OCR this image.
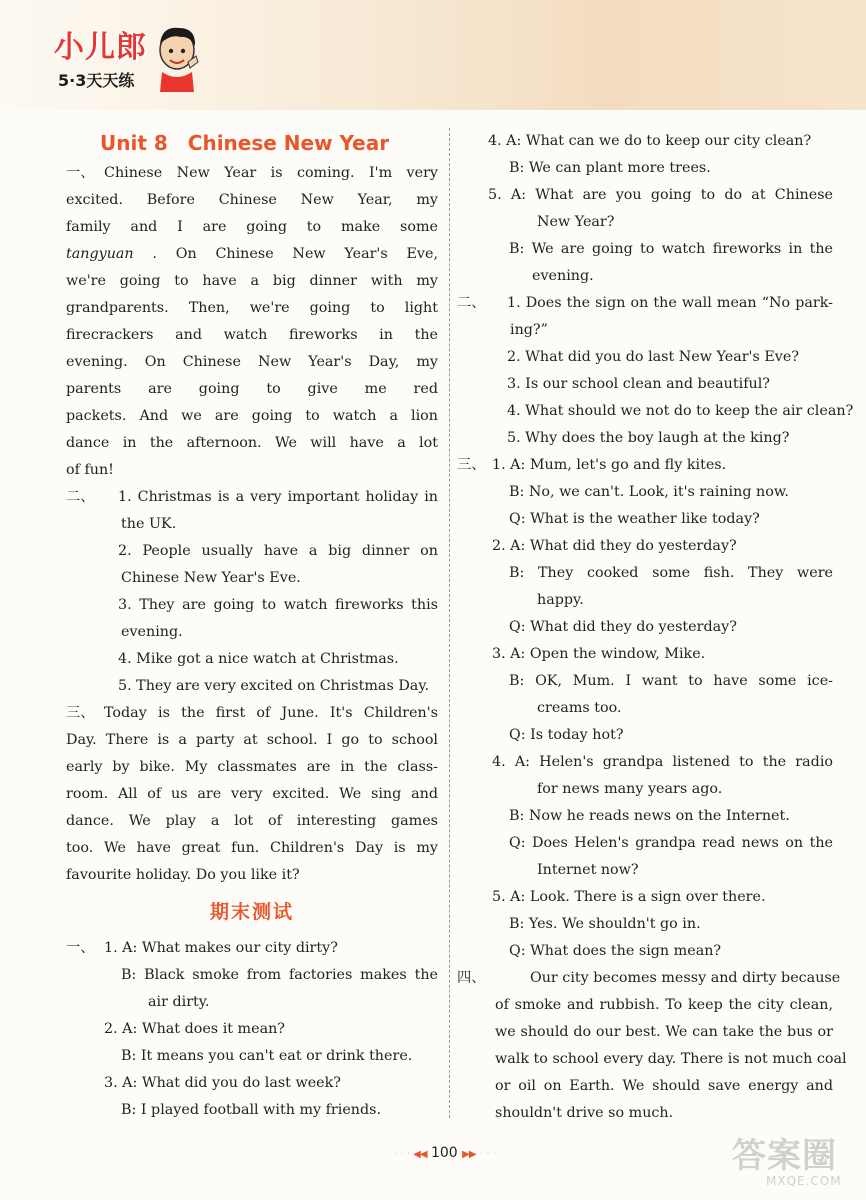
小儿郎
5·3天天练
Unit 8　Chinese New Year
一、 Chinese New Year is coming. I'm very
excited. Before Chinese New Year, my
family and I are going to make some
tangyuan . On Chinese New Year's Eve,
we're going to have a big dinner with my
grandparents. Then, we're going to light
firecrackers and watch fireworks in the
evening. On Chinese New Year's Day, my
parents are going to give me red
packets. And we are going to watch a lion
dance in the afternoon. We will have a lot
of fun!
二、 1. Christmas is a very important holiday in
the UK.
2. People usually have a big dinner on
Chinese New Year's Eve.
3. They are going to watch fireworks this
evening.
4. Mike got a nice watch at Christmas.
5. They are very excited on Christmas Day.
三、 Today is the first of June. It's Children's
Day. There is a party at school. I go to school
early by bike. My classmates are in the class-
room. All of us are very excited. We sing and
dance. We play a lot of interesting games
too. We have great fun. Children's Day is my
favourite holiday. Do you like it?
期末测试
一、 1. A: What makes our city dirty?
B: Black smoke from factories makes the
air dirty.
2. A: What does it mean?
B: It means you can't eat or drink there.
3. A: What did you do last week?
B: I played football with my friends.
4. A: What can we do to keep our city clean?
B: We can plant more trees.
5. A: What are you going to do at Chinese
New Year?
B: We are going to watch fireworks in the
evening.
二、 1. Does the sign on the wall mean “No park-
ing?”
2. What did you do last New Year's Eve?
3. Is our school clean and beautiful?
4. What should we not do to keep the air clean?
5. Why does the boy laugh at the king?
三、 1. A: Mum, let's go and fly kites.
B: No, we can't. Look, it's raining now.
Q: What is the weather like today?
2. A: What did they do yesterday?
B: They cooked some fish. They were
happy.
Q: What did they do yesterday?
3. A: Open the window, Mike.
B: OK, Mum. I want to have some ice-
creams too.
Q: Is today hot?
4. A: Helen's grandpa listened to the radio
for news many years ago.
B: Now he reads news on the Internet.
Q: Does Helen's grandpa read news on the
Internet now?
5. A: Look. There is a sign over there.
B: Yes. We shouldn't go in.
Q: What does the sign mean?
四、	Our city becomes messy and dirty because
of smoke and rubbish. To keep the city clean,
we should do our best. We can take the bus or
walk to school every day. There is not much coal
or oil on Earth. We should save energy and
shouldn't drive so much.
· · · ◀◀ 100 ▶▶ · · ·	答案圈
MXQE.COM
